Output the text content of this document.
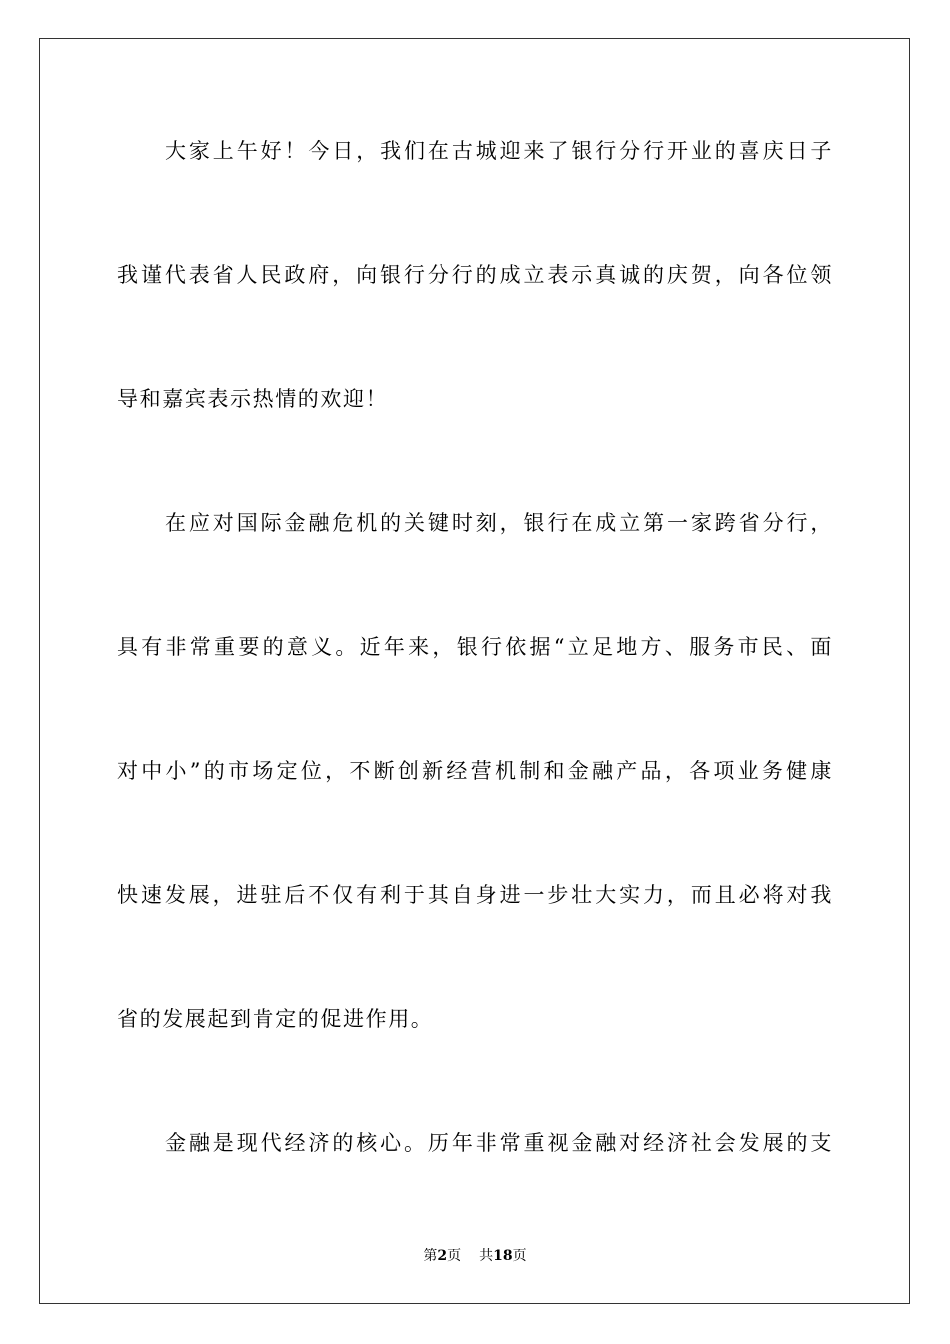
大家上午好！今日，我们在古城迎来了银行分行开业的喜庆日子
我谨代表省人民政府，向银行分行的成立表示真诚的庆贺，向各位领
导和嘉宾表示热情的欢迎！
在应对国际金融危机的关键时刻，银行在成立第一家跨省分行，
具有非常重要的意义。近年来，银行依据“立足地方、服务市民、面
对中小”的市场定位，不断创新经营机制和金融产品，各项业务健康
快速发展，进驻后不仅有利于其自身进一步壮大实力，而且必将对我
省的发展起到肯定的促进作用。
金融是现代经济的核心。历年非常重视金融对经济社会发展的支
第2页 共18页
